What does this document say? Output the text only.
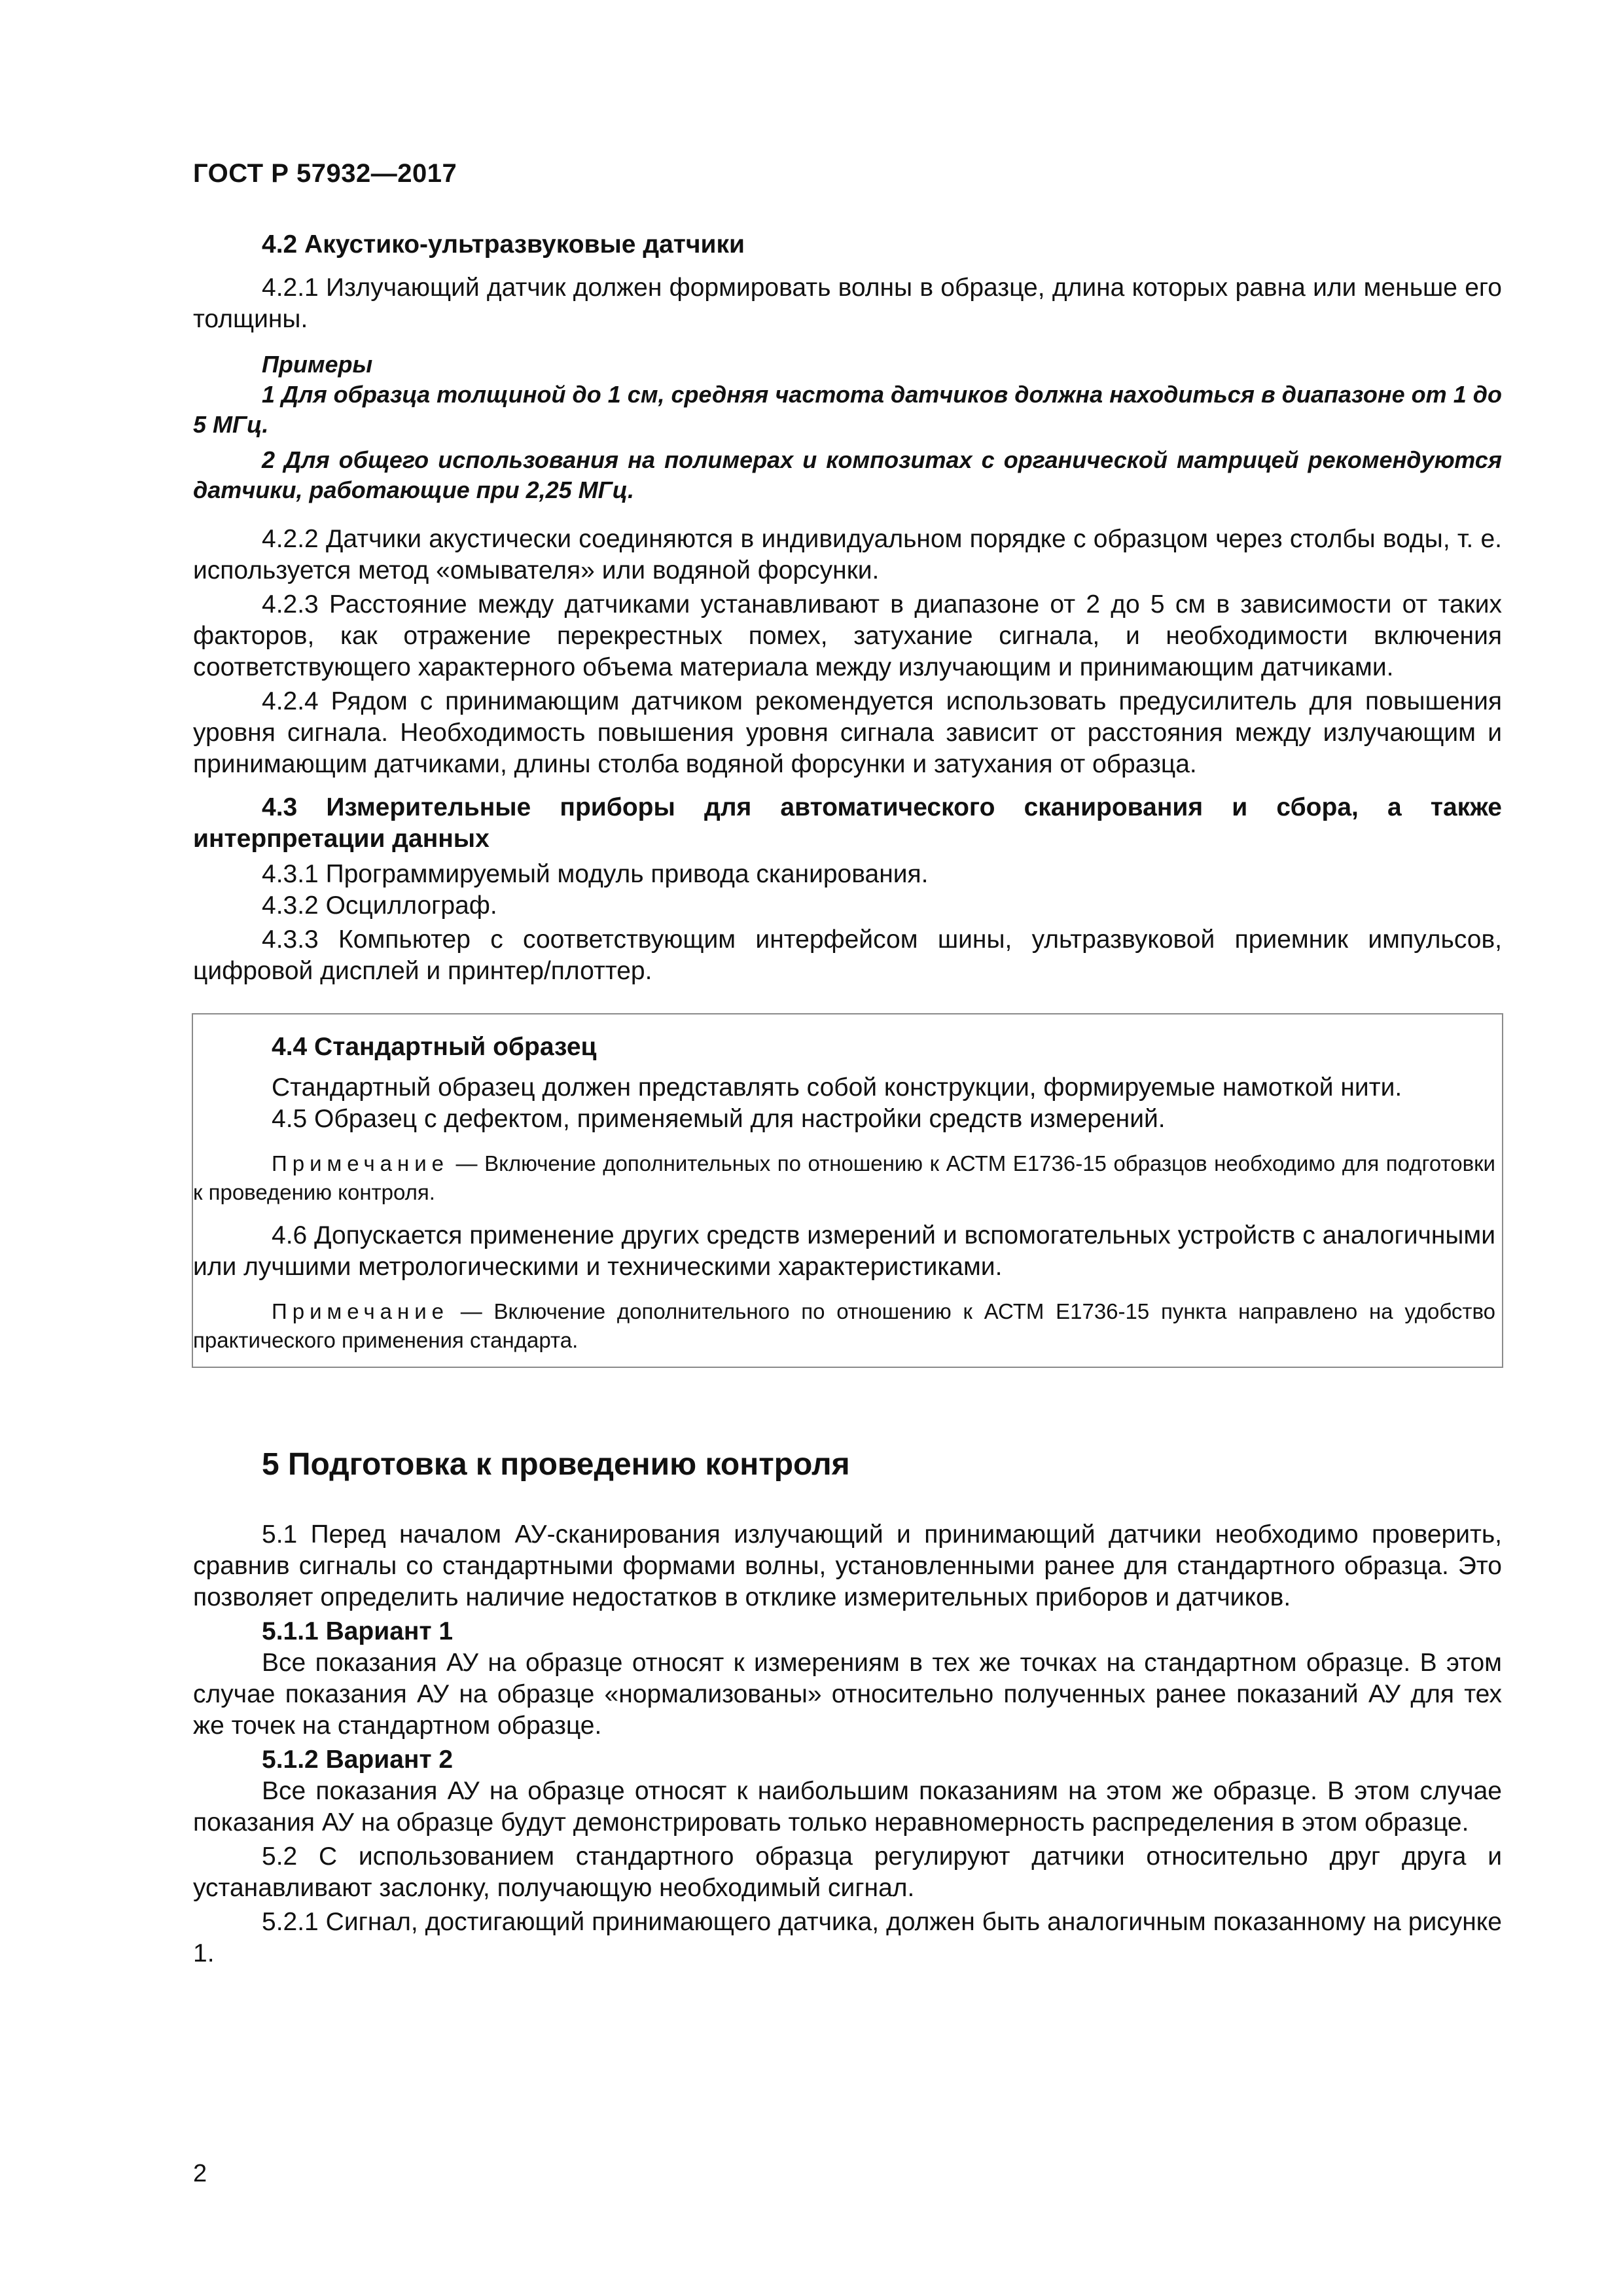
ГОСТ Р 57932—2017
4.2 Акустико-ультразвуковые датчики

4.2.1 Излучающий датчик должен формировать волны в образце, длина которых равна или меньше его толщины.

Примеры

1 Для образца толщиной до 1 см, средняя частота датчиков должна находиться в диапазоне от 1 до 5 МГц.

2 Для общего использования на полимерах и композитах с органической матрицей рекомендуются датчики, работающие при 2,25 МГц.

4.2.2 Датчики акустически соединяются в индивидуальном порядке с образцом через столбы воды, т. е. используется метод «омывателя» или водяной форсунки.

4.2.3 Расстояние между датчиками устанавливают в диапазоне от 2 до 5 см в зависимости от таких факторов, как отражение перекрестных помех, затухание сигнала, и необходимости включения соответствующего характерного объема материала между излучающим и принимающим датчиками.

4.2.4 Рядом с принимающим датчиком рекомендуется использовать предусилитель для повышения уровня сигнала. Необходимость повышения уровня сигнала зависит от расстояния между излучающим и принимающим датчиками, длины столба водяной форсунки и затухания от образца.

4.3 Измерительные приборы для автоматического сканирования и сбора, а также интерпретации данных

4.3.1 Программируемый модуль привода сканирования.

4.3.2 Осциллограф.

4.3.3 Компьютер с соответствующим интерфейсом шины, ультразвуковой приемник импульсов, цифровой дисплей и принтер/плоттер.

4.4 Стандартный образец

Стандартный образец должен представлять собой конструкции, формируемые намоткой нити.

4.5 Образец с дефектом, применяемый для настройки средств измерений.

Примечание — Включение дополнительных по отношению к АСТМ Е1736-15 образцов необходимо для подготовки к проведению контроля.

4.6 Допускается применение других средств измерений и вспомогательных устройств с аналогичными или лучшими метрологическими и техническими характеристиками.

Примечание — Включение дополнительного по отношению к АСТМ Е1736-15 пункта направлено на удобство практического применения стандарта.

5 Подготовка к проведению контроля

5.1 Перед началом АУ-сканирования излучающий и принимающий датчики необходимо проверить, сравнив сигналы со стандартными формами волны, установленными ранее для стандартного образца. Это позволяет определить наличие недостатков в отклике измерительных приборов и датчиков.

5.1.1 Вариант 1

Все показания АУ на образце относят к измерениям в тех же точках на стандартном образце. В этом случае показания АУ на образце «нормализованы» относительно полученных ранее показаний АУ для тех же точек на стандартном образце.

5.1.2 Вариант 2

Все показания АУ на образце относят к наибольшим показаниям на этом же образце. В этом случае показания АУ на образце будут демонстрировать только неравномерность распределения в этом образце.

5.2 С использованием стандартного образца регулируют датчики относительно друг друга и устанавливают заслонку, получающую необходимый сигнал.

5.2.1 Сигнал, достигающий принимающего датчика, должен быть аналогичным показанному на рисунке 1.

2
